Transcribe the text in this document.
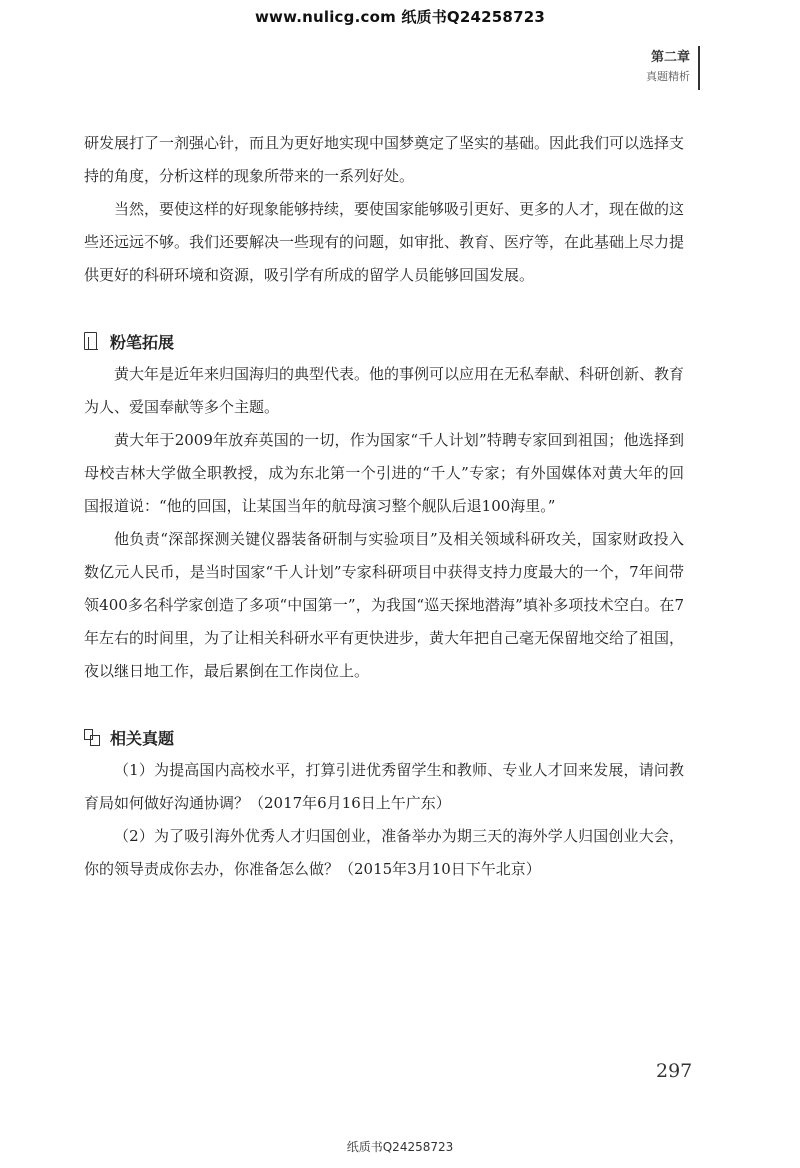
www.nulicg.com 纸质书Q24258723
第二章
真题精析

研发展打了一剂强心针，而且为更好地实现中国梦奠定了坚实的基础。因此我们可以选择支持的角度，分析这样的现象所带来的一系列好处。

当然，要使这样的好现象能够持续，要使国家能够吸引更好、更多的人才，现在做的这些还远远不够。我们还要解决一些现有的问题，如审批、教育、医疗等，在此基础上尽力提供更好的科研环境和资源，吸引学有所成的留学人员能够回国发展。

粉笔拓展

黄大年是近年来归国海归的典型代表。他的事例可以应用在无私奉献、科研创新、教育为人、爱国奉献等多个主题。

黄大年于2009年放弃英国的一切，作为国家“千人计划”特聘专家回到祖国；他选择到母校吉林大学做全职教授，成为东北第一个引进的“千人”专家；有外国媒体对黄大年的回国报道说：“他的回国，让某国当年的航母演习整个舰队后退100海里。”

他负责“深部探测关键仪器装备研制与实验项目”及相关领域科研攻关，国家财政投入数亿元人民币，是当时国家“千人计划”专家科研项目中获得支持力度最大的一个，7年间带领400多名科学家创造了多项“中国第一”，为我国“巡天探地潜海”填补多项技术空白。在7年左右的时间里，为了让相关科研水平有更快进步，黄大年把自己毫无保留地交给了祖国，夜以继日地工作，最后累倒在工作岗位上。

相关真题

（1）为提高国内高校水平，打算引进优秀留学生和教师、专业人才回来发展，请问教育局如何做好沟通协调？（2017年6月16日上午广东）

（2）为了吸引海外优秀人才归国创业，准备举办为期三天的海外学人归国创业大会，你的领导责成你去办，你准备怎么做？（2015年3月10日下午北京）

297
纸质书Q24258723
